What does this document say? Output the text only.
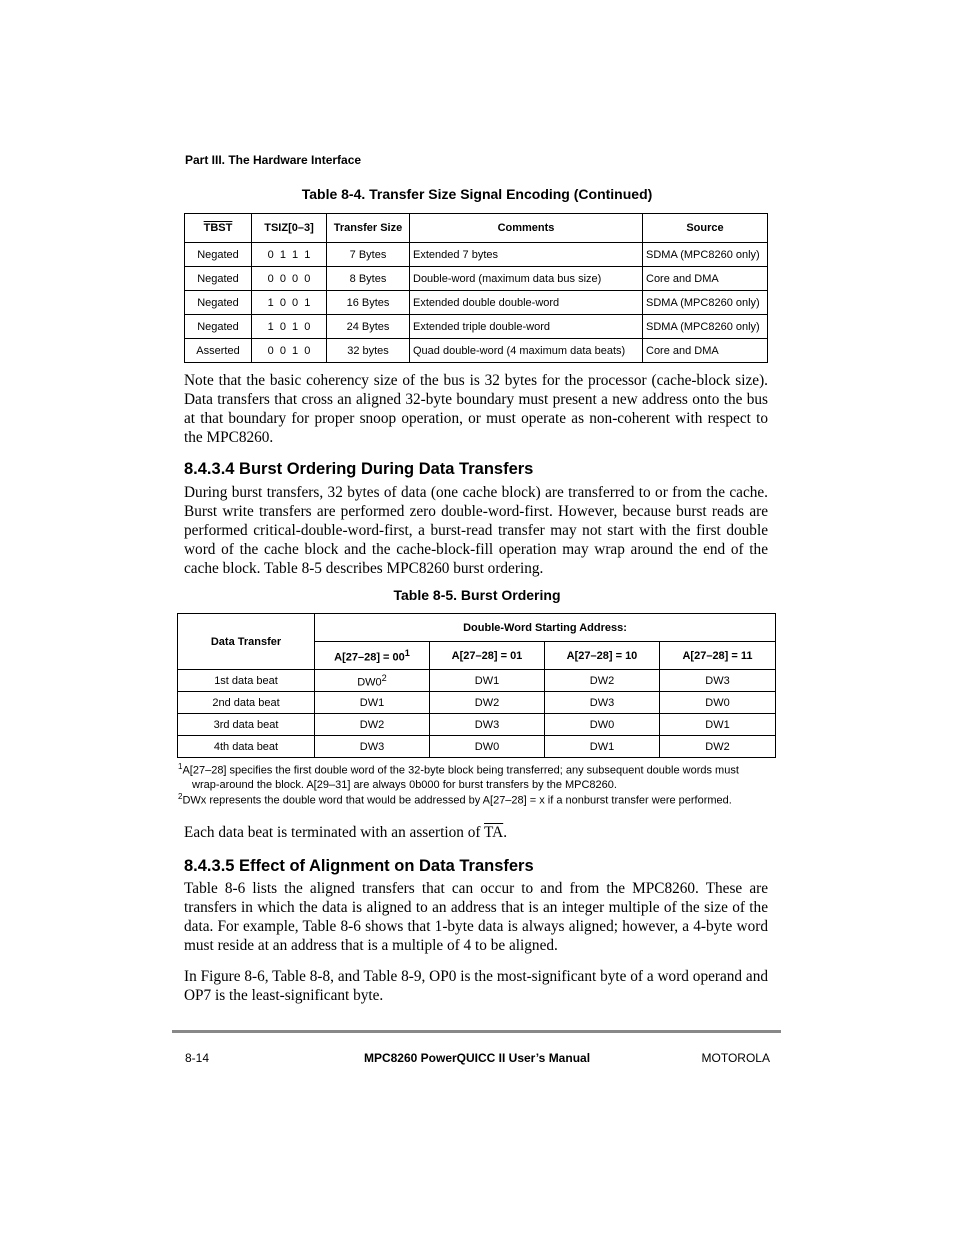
Part III. The Hardware Interface
Table 8-4. Transfer Size Signal Encoding (Continued)
TBST	TSIZ[0–3]	Transfer Size	Comments	Source
Negated	0  1  1  1	7 Bytes	Extended 7 bytes	SDMA (MPC8260 only)
Negated	0  0  0  0	8 Bytes	Double-word (maximum data bus size)	Core and DMA
Negated	1  0  0  1	16 Bytes	Extended double double-word	SDMA (MPC8260 only)
Negated	1  0  1  0	24 Bytes	Extended triple double-word	SDMA (MPC8260 only)
Asserted	0  0  1  0	32 bytes	Quad double-word (4 maximum data beats)	Core and DMA
Note that the basic coherency size of the bus is 32 bytes for the processor (cache-block size). Data transfers that cross an aligned 32-byte boundary must present a new address onto the bus at that boundary for proper snoop operation, or must operate as non-coherent with respect to the MPC8260.
8.4.3.4 Burst Ordering During Data Transfers
During burst transfers, 32 bytes of data (one cache block) are transferred to or from the cache. Burst write transfers are performed zero double-word-first. However, because burst reads are performed critical-double-word-first, a burst-read transfer may not start with the first double word of the cache block and the cache-block-fill operation may wrap around the end of the cache block. Table 8-5 describes MPC8260 burst ordering.
Table 8-5. Burst Ordering
Data Transfer	Double-Word Starting Address:			
	$A[27-28] = 00^1$	A[27–28] = 01	A[27–28] = 10	A[27–28] = 11
1st data beat	$DW0^2$	DW1	DW2	DW3
2nd data beat	DW1	DW2	DW3	DW0
3rd data beat	DW2	DW3	DW0	DW1
4th data beat	DW3	DW0	DW1	DW2
$^1$A[27–28] specifies the first double word of the 32-byte block being transferred; any subsequent double words must
wrap-around the block. A[29–31] are always 0b000 for burst transfers by the MPC8260.
$^2$DWx represents the double word that would be addressed by A[27–28] = x if a nonburst transfer were performed.
Each data beat is terminated with an assertion of $\overline{TA}$.
8.4.3.5 Effect of Alignment on Data Transfers
Table 8-6 lists the aligned transfers that can occur to and from the MPC8260. These are transfers in which the data is aligned to an address that is an integer multiple of the size of the data. For example, Table 8-6 shows that 1-byte data is always aligned; however, a 4-byte word must reside at an address that is a multiple of 4 to be aligned.
In Figure 8-6, Table 8-8, and Table 8-9, OP0 is the most-significant byte of a word operand and OP7 is the least-significant byte.
8-14	MPC8260 PowerQUICC II User’s Manual	MOTOROLA
